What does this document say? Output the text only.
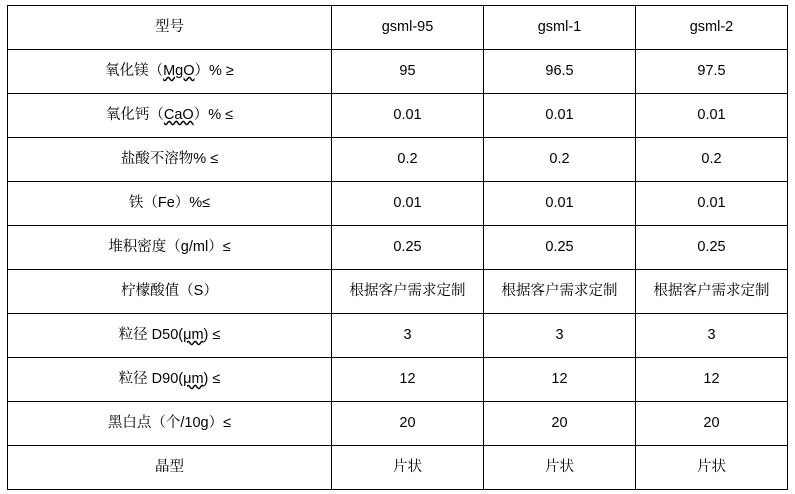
型号	gsml-95	gsml-1	gsml-2
氧化镁（MgO）% ≥	95	96.5	97.5
氧化钙（CaO）% ≤	0.01	0.01	0.01
盐酸不溶物% ≤	0.2	0.2	0.2
铁（Fe）%≤	0.01	0.01	0.01
堆积密度（g/ml）≤	0.25	0.25	0.25
柠檬酸值（S）	根据客户需求定制	根据客户需求定制	根据客户需求定制
粒径 D50(μm) ≤	3	3	3
粒径 D90(μm) ≤	12	12	12
黑白点（个/10g）≤	20	20	20
晶型	片状	片状	片状
